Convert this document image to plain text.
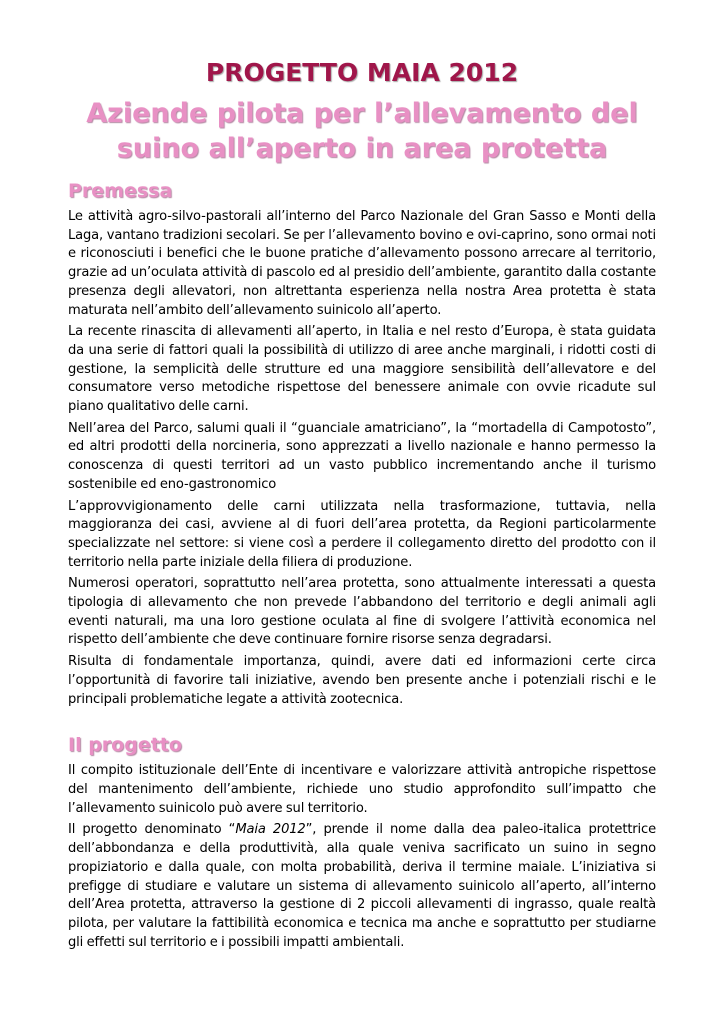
PROGETTO MAIA 2012
Aziende pilota per l’allevamento del
suino all’aperto in area protetta
Premessa

Le attività agro-silvo-pastorali all’interno del Parco Nazionale del Gran Sasso e Monti della Laga, vantano tradizioni secolari. Se per l’allevamento bovino e ovi-caprino, sono ormai noti e riconosciuti i benefici che le buone pratiche d’allevamento possono arrecare al territorio, grazie ad un’oculata attività di pascolo ed al presidio dell’ambiente, garantito dalla costante presenza degli allevatori, non altrettanta esperienza nella nostra Area protetta è stata maturata nell’ambito dell’allevamento suinicolo all’aperto.

La recente rinascita di allevamenti all’aperto, in Italia e nel resto d’Europa, è stata guidata da una serie di fattori quali la possibilità di utilizzo di aree anche marginali, i ridotti costi di gestione, la semplicità delle strutture ed una maggiore sensibilità dell’allevatore e del consumatore verso metodiche rispettose del benessere animale con ovvie ricadute sul piano qualitativo delle carni.

Nell’area del Parco, salumi quali il “guanciale amatriciano”, la “mortadella di Campotosto”, ed altri prodotti della norcineria, sono apprezzati a livello nazionale e hanno permesso la conoscenza di questi territori ad un vasto pubblico incrementando anche il turismo sostenibile ed eno-gastronomico

L’approvvigionamento delle carni utilizzata nella trasformazione, tuttavia, nella maggioranza dei casi, avviene al di fuori dell’area protetta, da Regioni particolarmente specializzate nel settore: si viene così a perdere il collegamento diretto del prodotto con il territorio nella parte iniziale della filiera di produzione.

Numerosi operatori, soprattutto nell’area protetta, sono attualmente interessati a questa tipologia di allevamento che non prevede l’abbandono del territorio e degli animali agli eventi naturali, ma una loro gestione oculata al fine di svolgere l’attività economica nel rispetto dell’ambiente che deve continuare fornire risorse senza degradarsi.

Risulta di fondamentale importanza, quindi, avere dati ed informazioni certe circa l’opportunità di favorire tali iniziative, avendo ben presente anche i potenziali rischi e le principali problematiche legate a attività zootecnica.

Il progetto

Il compito istituzionale dell’Ente di incentivare e valorizzare attività antropiche rispettose del mantenimento dell’ambiente, richiede uno studio approfondito sull’impatto che l’allevamento suinicolo può avere sul territorio.

Il progetto denominato “Maia 2012”, prende il nome dalla dea paleo-italica protettrice dell’abbondanza e della produttività, alla quale veniva sacrificato un suino in segno propiziatorio e dalla quale, con molta probabilità, deriva il termine maiale. L’iniziativa si prefigge di studiare e valutare un sistema di allevamento suinicolo all’aperto, all’interno dell’Area protetta, attraverso la gestione di 2 piccoli allevamenti di ingrasso, quale realtà pilota, per valutare la fattibilità economica e tecnica ma anche e soprattutto per studiarne gli effetti sul territorio e i possibili impatti ambientali.
